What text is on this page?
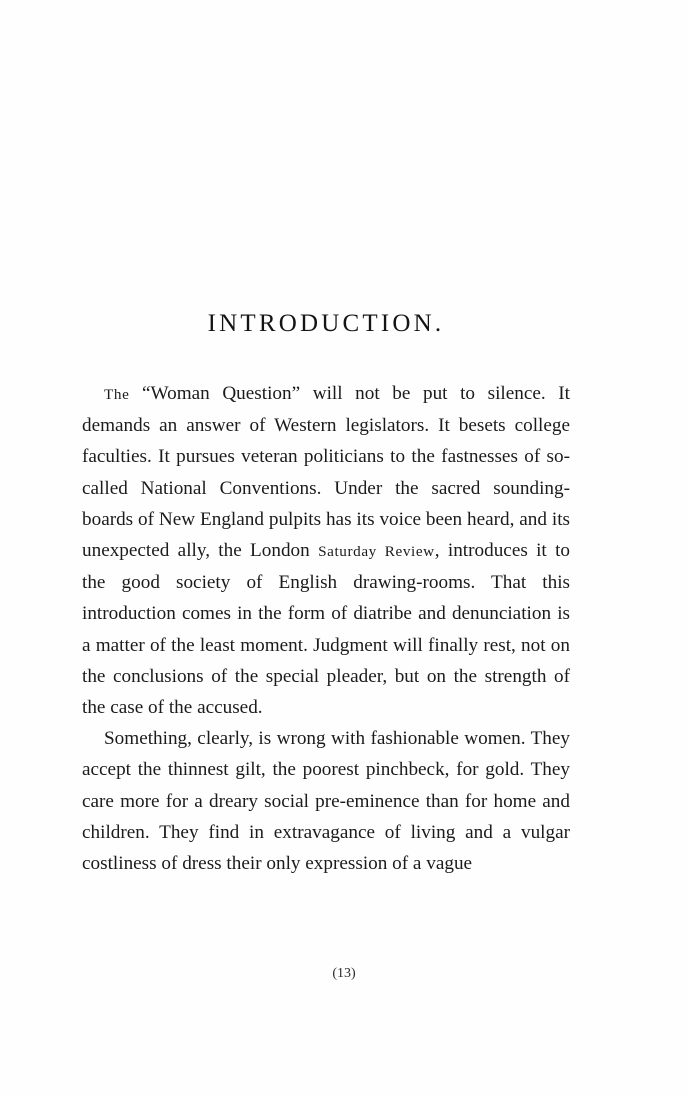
INTRODUCTION.

The “Woman Question” will not be put to silence. It demands an answer of Western legislators. It besets college faculties. It pursues veteran politicians to the fastnesses of so-called National Conventions. Under the sacred sounding-boards of New England pulpits has its voice been heard, and its unexpected ally, the London Saturday Review, introduces it to the good society of English drawing-rooms. That this introduction comes in the form of diatribe and denunciation is a matter of the least moment. Judgment will finally rest, not on the conclusions of the special pleader, but on the strength of the case of the accused.

Something, clearly, is wrong with fashionable women. They accept the thinnest gilt, the poorest pinchbeck, for gold. They care more for a dreary social pre-eminence than for home and children. They find in extravagance of living and a vulgar costliness of dress their only expression of a vague

(13)
